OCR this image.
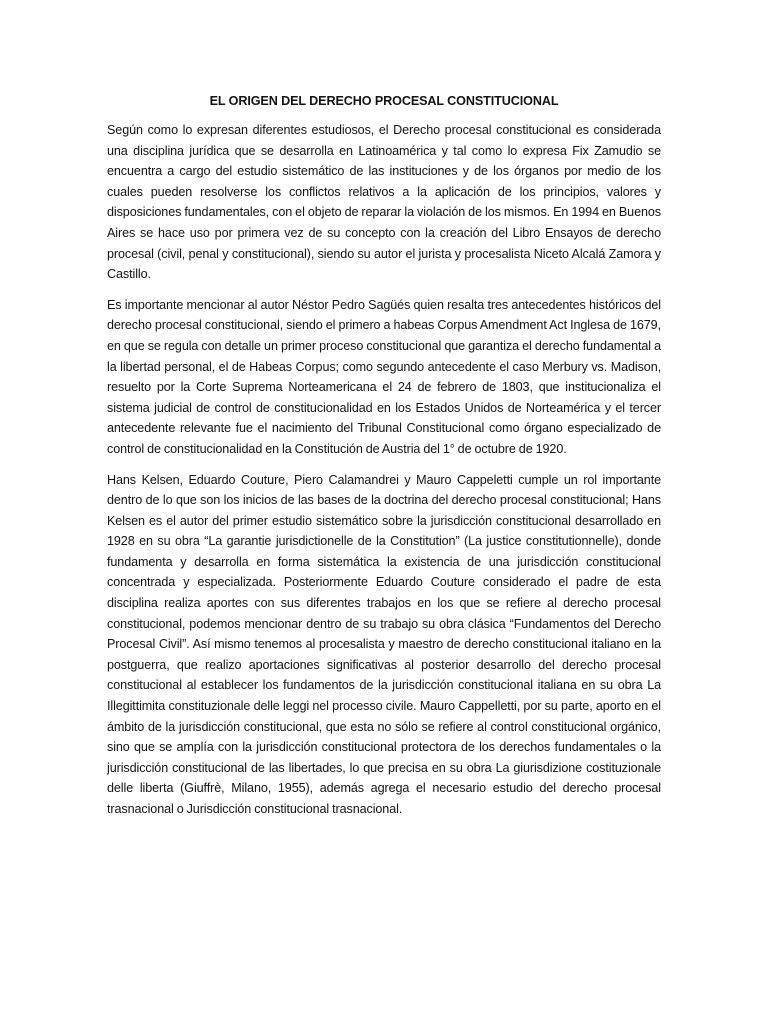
EL ORIGEN DEL DERECHO PROCESAL CONSTITUCIONAL

Según como lo expresan diferentes estudiosos, el Derecho procesal constitucional es considerada una disciplina jurídica que se desarrolla en Latinoamérica y tal como lo expresa Fix Zamudio se encuentra a cargo del estudio sistemático de las instituciones y de los órganos por medio de los cuales pueden resolverse los conflictos relativos a la aplicación de los principios, valores y disposiciones fundamentales, con el objeto de reparar la violación de los mismos. En 1994 en Buenos Aires se hace uso por primera vez de su concepto con la creación del Libro Ensayos de derecho procesal (civil, penal y constitucional), siendo su autor el jurista y procesalista Niceto Alcalá Zamora y Castillo.

Es importante mencionar al autor Néstor Pedro Sagüés quien resalta tres antecedentes históricos del derecho procesal constitucional, siendo el primero a habeas Corpus Amendment Act Inglesa de 1679, en que se regula con detalle un primer proceso constitucional que garantiza el derecho fundamental a la libertad personal, el de Habeas Corpus; como segundo antecedente el caso Merbury vs. Madison, resuelto por la Corte Suprema Norteamericana el 24 de febrero de 1803, que institucionaliza el sistema judicial de control de constitucionalidad en los Estados Unidos de Norteamérica y el tercer antecedente relevante fue el nacimiento del Tribunal Constitucional como órgano especializado de control de constitucionalidad en la Constitución de Austria del 1° de octubre de 1920.

Hans Kelsen, Eduardo Couture, Piero Calamandrei y Mauro Cappeletti cumple un rol importante dentro de lo que son los inicios de las bases de la doctrina del derecho procesal constitucional; Hans Kelsen es el autor del primer estudio sistemático sobre la jurisdicción constitucional desarrollado en 1928 en su obra “La garantie jurisdictionelle de la Constitution” (La justice constitutionnelle), donde fundamenta y desarrolla en forma sistemática la existencia de una jurisdicción constitucional concentrada y especializada. Posteriormente Eduardo Couture considerado el padre de esta disciplina realiza aportes con sus diferentes trabajos en los que se refiere al derecho procesal constitucional, podemos mencionar dentro de su trabajo su obra clásica “Fundamentos del Derecho Procesal Civil”. Así mismo tenemos al procesalista y maestro de derecho constitucional italiano en la postguerra, que realizo aportaciones significativas al posterior desarrollo del derecho procesal constitucional al establecer los fundamentos de la jurisdicción constitucional italiana en su obra La Illegittimita constituzionale delle leggi nel processo civile. Mauro Cappelletti, por su parte, aporto en el ámbito de la jurisdicción constitucional, que esta no sólo se refiere al control constitucional orgánico, sino que se amplía con la jurisdicción constitucional protectora de los derechos fundamentales o la jurisdicción constitucional de las libertades, lo que precisa en su obra La giurisdizione costituzionale delle liberta (Giuffrè, Milano, 1955), además agrega el necesario estudio del derecho procesal trasnacional o Jurisdicción constitucional trasnacional.
